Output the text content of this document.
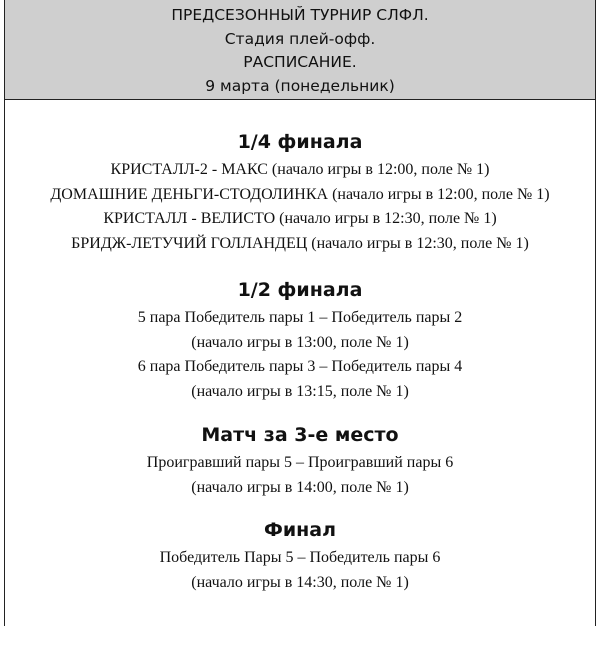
ПРЕДСЕЗОННЫЙ ТУРНИР СЛФЛ.
Стадия плей-офф.
РАСПИСАНИЕ.
9 марта (понедельник)
1/4 финала
КРИСТАЛЛ-2 - МАКС (начало игры в 12:00, поле № 1)
ДОМАШНИЕ ДЕНЬГИ-СТОДОЛИНКА (начало игры в 12:00, поле № 1)
КРИСТАЛЛ - ВЕЛИСТО (начало игры в 12:30, поле № 1)
БРИДЖ-ЛЕТУЧИЙ ГОЛЛАНДЕЦ (начало игры в 12:30, поле № 1)
1/2 финала
5 пара Победитель пары 1 – Победитель пары 2
(начало игры в 13:00, поле № 1)
6 пара Победитель пары 3 – Победитель пары 4
(начало игры в 13:15, поле № 1)
Матч за 3-е место
Проигравший пары 5 – Проигравший пары 6
(начало игры в 14:00, поле № 1)
Финал
Победитель Пары 5 – Победитель пары 6
(начало игры в 14:30, поле № 1)
